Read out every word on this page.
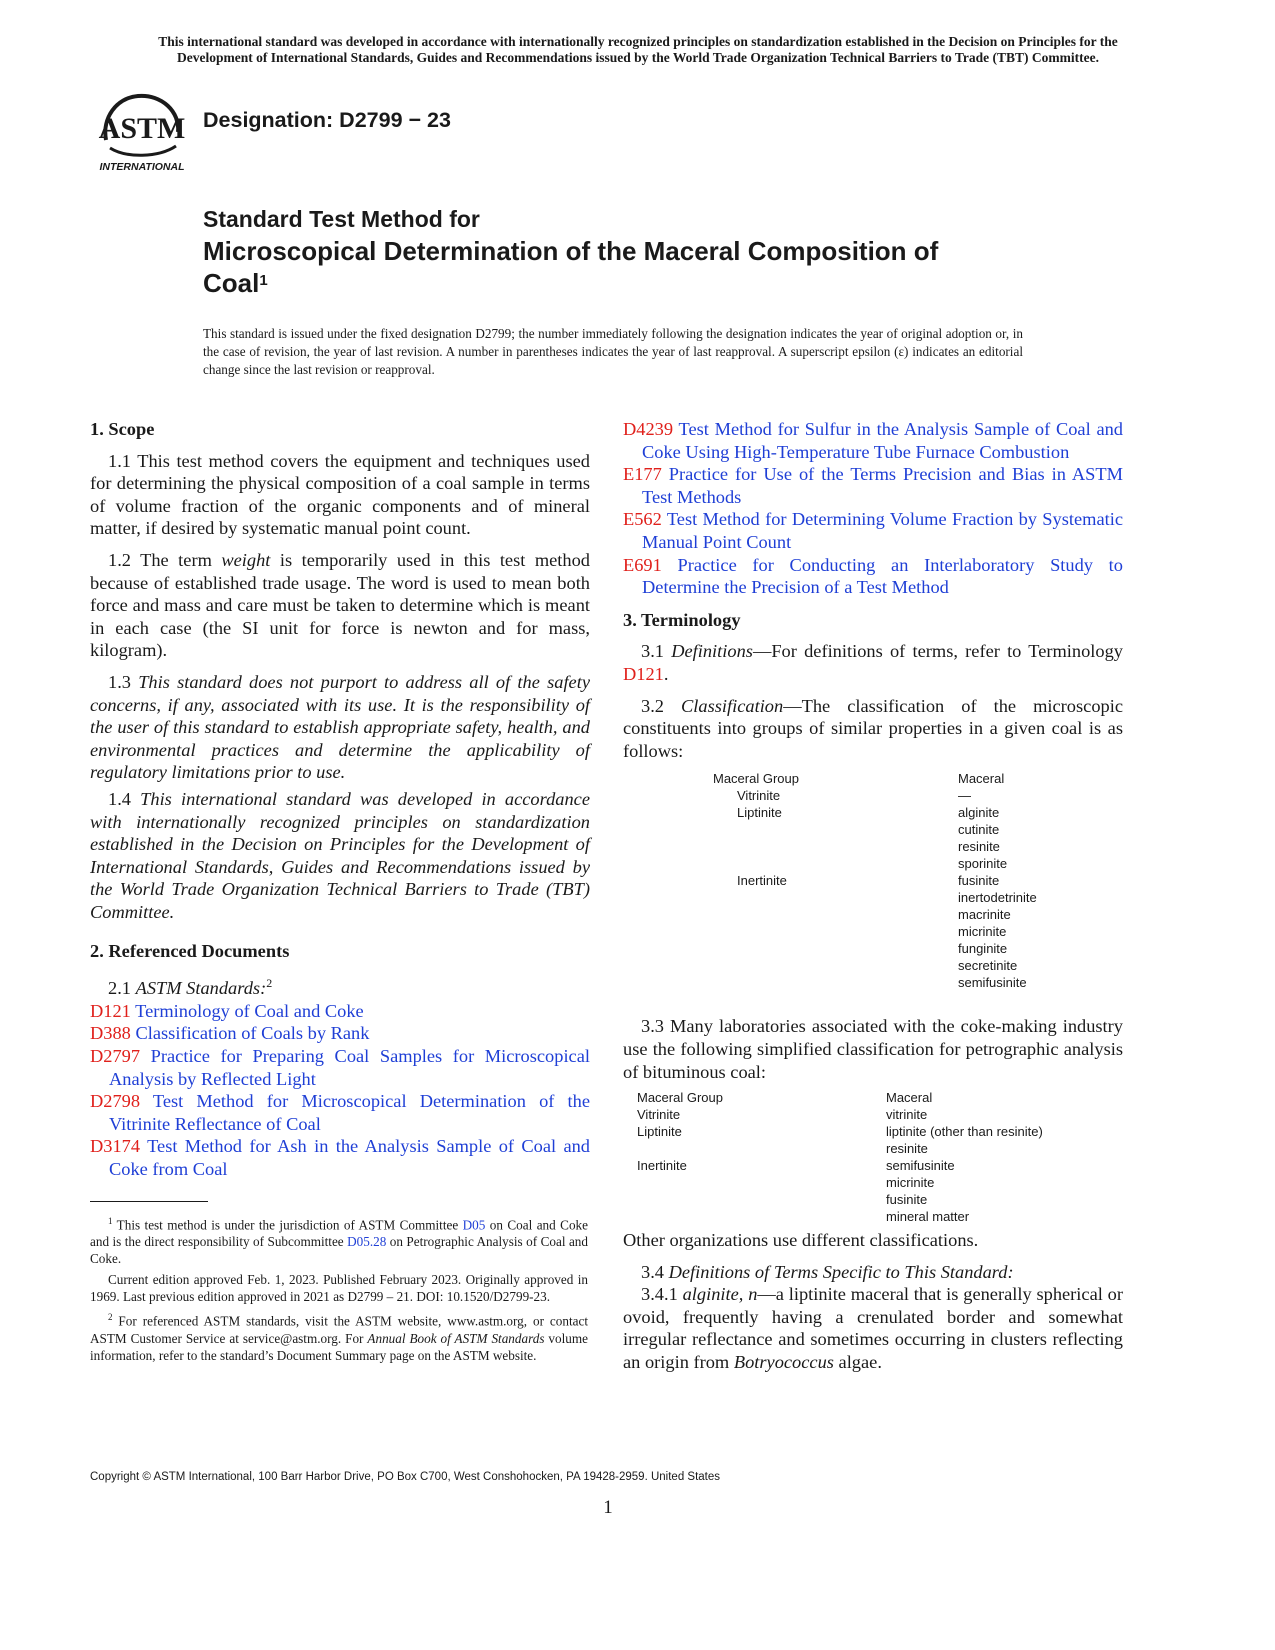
This international standard was developed in accordance with internationally recognized principles on standardization established in the Decision on Principles for the
Development of International Standards, Guides and Recommendations issued by the World Trade Organization Technical Barriers to Trade (TBT) Committee.
ASTM
INTERNATIONAL
Designation: D2799 − 23
Standard Test Method for
Microscopical Determination of the Maceral Composition of
Coal$^1$
This standard is issued under the fixed designation D2799; the number immediately following the designation indicates the year of original adoption or, in the case of revision, the year of last revision. A number in parentheses indicates the year of last reapproval. A superscript epsilon (ε) indicates an editorial change since the last revision or reapproval.
1. Scope

1.1 This test method covers the equipment and techniques used for determining the physical composition of a coal sample in terms of volume fraction of the organic components and of mineral matter, if desired by systematic manual point count.

1.2 The term weight is temporarily used in this test method because of established trade usage. The word is used to mean both force and mass and care must be taken to determine which is meant in each case (the SI unit for force is newton and for mass, kilogram).

1.3 This standard does not purport to address all of the safety concerns, if any, associated with its use. It is the responsibility of the user of this standard to establish appropriate safety, health, and environmental practices and determine the applicability of regulatory limitations prior to use.

1.4 This international standard was developed in accordance with internationally recognized principles on standardization established in the Decision on Principles for the Development of International Standards, Guides and Recommendations issued by the World Trade Organization Technical Barriers to Trade (TBT) Committee.

2. Referenced Documents

2.1 ASTM Standards:$^2$

D121 Terminology of Coal and Coke

D388 Classification of Coals by Rank

D2797 Practice for Preparing Coal Samples for Microscopical Analysis by Reflected Light

D2798 Test Method for Microscopical Determination of the Vitrinite Reflectance of Coal

D3174 Test Method for Ash in the Analysis Sample of Coal and Coke from Coal

$^1$ This test method is under the jurisdiction of ASTM Committee D05 on Coal and Coke and is the direct responsibility of Subcommittee D05.28 on Petrographic Analysis of Coal and Coke.

Current edition approved Feb. 1, 2023. Published February 2023. Originally approved in 1969. Last previous edition approved in 2021 as D2799 – 21. DOI: 10.1520/D2799-23.

$^2$ For referenced ASTM standards, visit the ASTM website, www.astm.org, or contact ASTM Customer Service at service@astm.org. For Annual Book of ASTM Standards volume information, refer to the standard’s Document Summary page on the ASTM website.

D4239 Test Method for Sulfur in the Analysis Sample of Coal and Coke Using High-Temperature Tube Furnace Combustion

E177 Practice for Use of the Terms Precision and Bias in ASTM Test Methods

E562 Test Method for Determining Volume Fraction by Systematic Manual Point Count

E691 Practice for Conducting an Interlaboratory Study to Determine the Precision of a Test Method

3. Terminology

3.1 Definitions—For definitions of terms, refer to Terminology D121.

3.2 Classification—The classification of the microscopic constituents into groups of similar properties in a given coal is as follows:

Maceral Group	Maceral
Vitrinite	—
Liptinite	alginite
	cutinite
	resinite
	sporinite
Inertinite	fusinite
	inertodetrinite
	macrinite
	micrinite
	funginite
	secretinite
	semifusinite

3.3 Many laboratories associated with the coke-making industry use the following simplified classification for petrographic analysis of bituminous coal:

Maceral Group	Maceral
Vitrinite	vitrinite
Liptinite	liptinite (other than resinite)
	resinite
Inertinite	semifusinite
	micrinite
	fusinite
	mineral matter

Other organizations use different classifications.

3.4 Definitions of Terms Specific to This Standard:

3.4.1 alginite, n—a liptinite maceral that is generally spherical or ovoid, frequently having a crenulated border and somewhat irregular reflectance and sometimes occurring in clusters reflecting an origin from Botryococcus algae.

Copyright © ASTM International, 100 Barr Harbor Drive, PO Box C700, West Conshohocken, PA 19428-2959. United States
1
